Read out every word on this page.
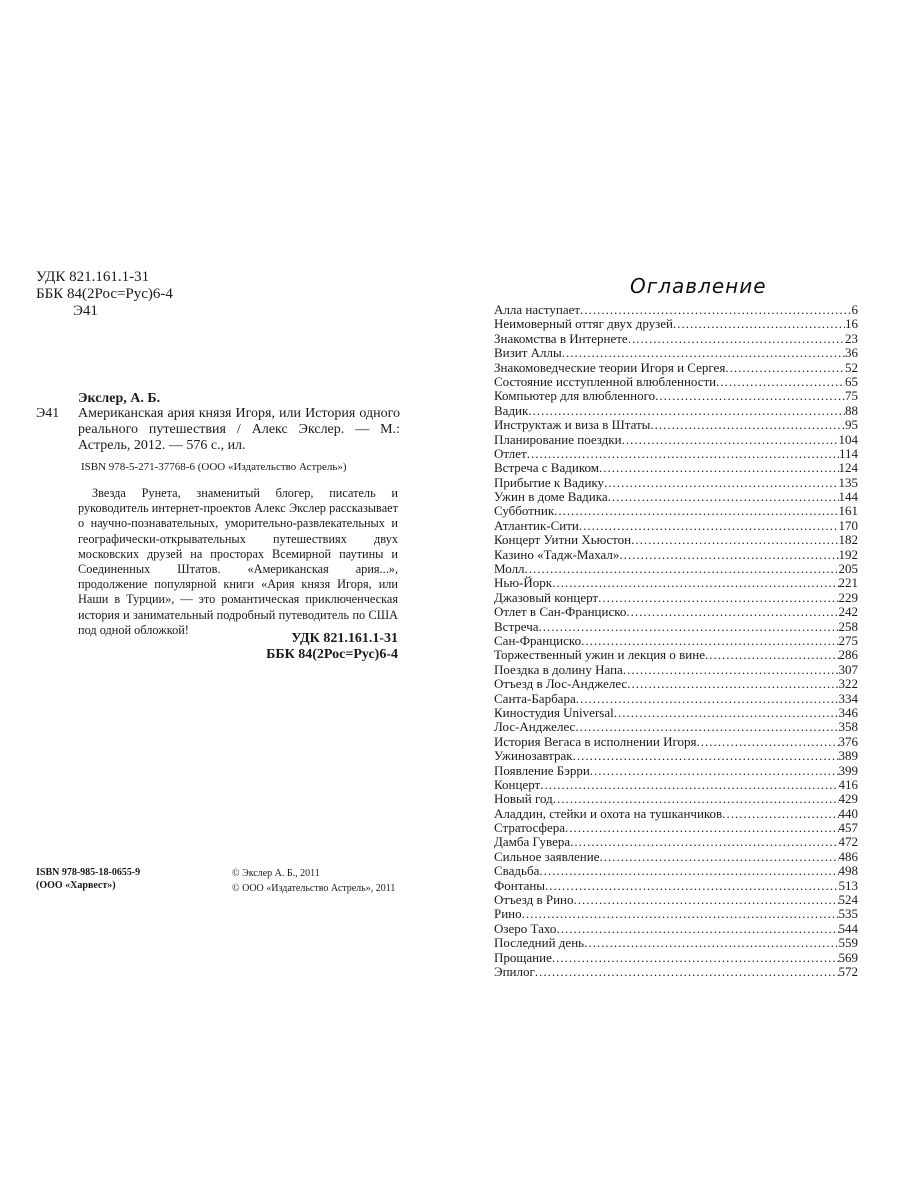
УДК 821.161.1-31
ББК 84(2Рос=Рус)6-4
Э41
Экслер, А. Б.
Э41 Американская ария князя Игоря, или История одного реального путешествия / Алекс Экслер. — М.: Астрель, 2012. — 576 с., ил.
ISBN 978-5-271-37768-6 (ООО «Издательство Астрель»)
Звезда Рунета, знаменитый блогер, писатель и руководитель интернет-проектов Алекс Экслер рассказывает о научно-познавательных, уморительно-развлекательных и географически-открывательных путешествиях двух московских друзей на просторах Всемирной паутины и Соединенных Штатов. «Американская ария...», продолжение популярной книги «Ария князя Игоря, или Наши в Турции», — это романтическая приключенческая история и занимательный подробный путеводитель по США под одной обложкой!
УДК 821.161.1-31
ББК 84(2Рос=Рус)6-4
ISBN 978-985-18-0655-9
(ООО «Харвест»)
© Экслер А. Б., 2011
© ООО «Издательство Астрель», 2011
Оглавление
Алла наступает .....	6
Неимоверный оттяг двух друзей .....	16
Знакомства в Интернете .....	23
Визит Аллы .....	36
Знакомоведческие теории Игоря и Сергея .....	52
Состояние исступленной влюбленности .....	65
Компьютер для влюбленного .....	75
Вадик .....	88
Инструктаж и виза в Штаты .....	95
Планирование поездки .....	104
Отлет .....	114
Встреча с Вадиком .....	124
Прибытие к Вадику .....	135
Ужин в доме Вадика .....	144
Субботник .....	161
Атлантик-Сити .....	170
Концерт Уитни Хьюстон .....	182
Казино «Тадж-Махал» .....	192
Молл .....	205
Нью-Йорк .....	221
Джазовый концерт .....	229
Отлет в Сан-Франциско .....	242
Встреча .....	258
Сан-Франциско .....	275
Торжественный ужин и лекция о вине .....	286
Поездка в долину Напа .....	307
Отъезд в Лос-Анджелес .....	322
Санта-Барбара .....	334
Киностудия Universal .....	346
Лос-Анджелес .....	358
История Вегаса в исполнении Игоря .....	376
Ужинозавтрак .....	389
Появление Бэрри .....	399
Концерт .....	416
Новый год .....	429
Аладдин, стейки и охота на тушканчиков .....	440
Стратосфера .....	457
Дамба Гувера .....	472
Сильное заявление .....	486
Свадьба .....	498
Фонтаны .....	513
Отъезд в Рино .....	524
Рино .....	535
Озеро Тахо .....	544
Последний день .....	559
Прощание .....	569
Эпилог .....	572
